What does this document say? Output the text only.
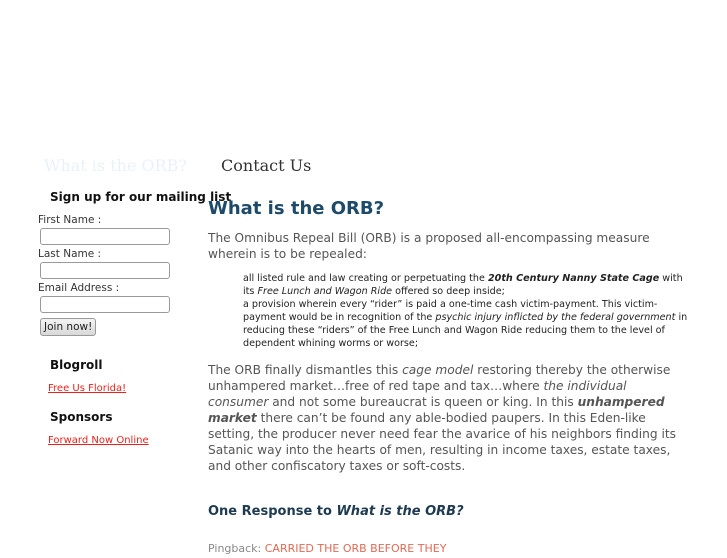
What is the ORB? Contact Us
Sign up for our mailing list
First Name :
Last Name :
Email Address :
Join now!
Blogroll
Free Us Florida!
Sponsors
Forward Now Online
What is the ORB?

The Omnibus Repeal Bill (ORB) is a proposed all-encompassing measure wherein is to be repealed:

all listed rule and law creating or perpetuating the 20th Century Nanny State Cage with its Free Lunch and Wagon Ride offered so deep inside;

a provision wherein every “rider” is paid a one-time cash victim-payment. This victim-payment would be in recognition of the psychic injury inflicted by the federal government in reducing these “riders” of the Free Lunch and Wagon Ride reducing them to the level of dependent whining worms or worse;

The ORB finally dismantles this cage model restoring thereby the otherwise unhampered market…free of red tape and tax…where the individual consumer and not some bureaucrat is queen or king. In this unhampered market there can’t be found any able-bodied paupers. In this Eden-like setting, the producer never need fear the avarice of his neighbors finding its Satanic way into the hearts of men, resulting in income taxes, estate taxes, and other confiscatory taxes or soft-costs.

One Response to What is the ORB?
Pingback: CARRIED THE ORB BEFORE THEY
